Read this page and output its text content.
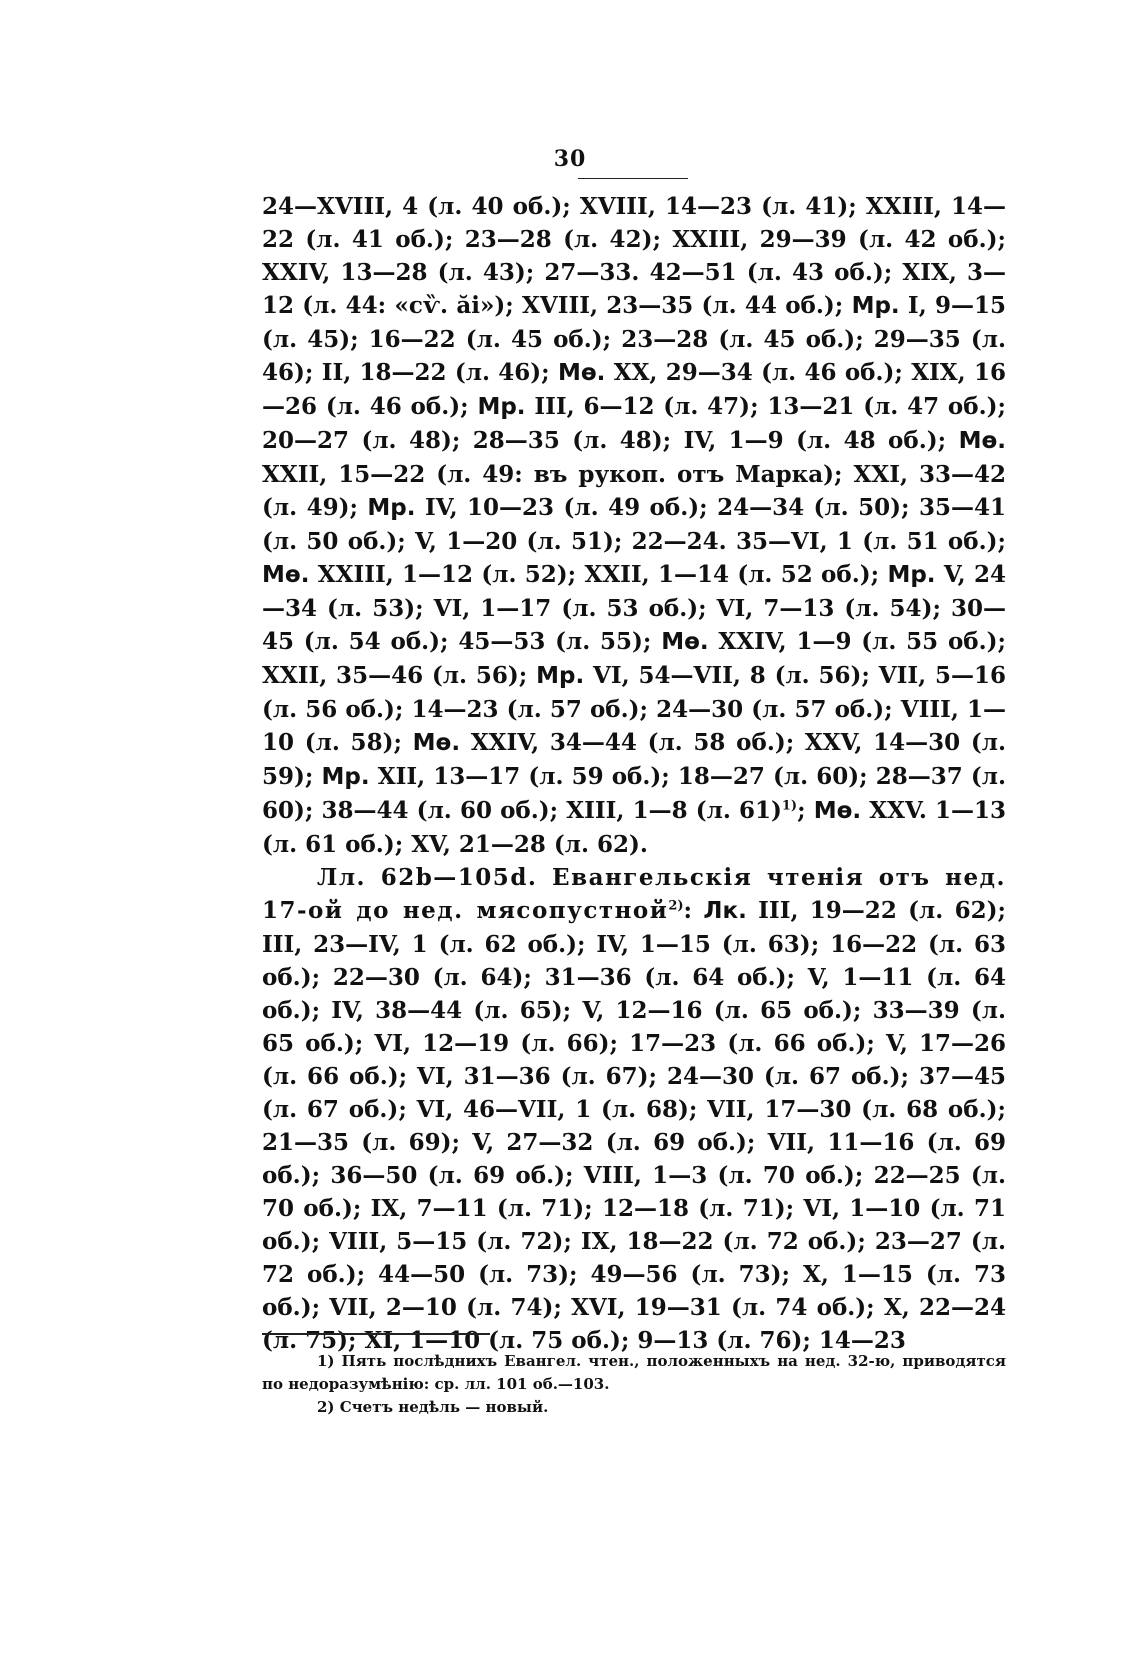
30

24—XVIII, 4 (л. 40 об.); XVIII, 14—23 (л. 41); XXIII, 14—22 (л. 41 об.); 23—28 (л. 42); XXIII, 29—39 (л. 42 об.); XXIV, 13—28 (л. 43); 27—33. 42—51 (л. 43 об.); XIX, 3—12 (л. 44: «сѷ. ӑі»); XVIII, 23—35 (л. 44 об.); Мр. I, 9—15 (л. 45); 16—22 (л. 45 об.); 23—28 (л. 45 об.); 29—35 (л. 46); II, 18—22 (л. 46); Мѳ. XX, 29—34 (л. 46 об.); XIX, 16—26 (л. 46 об.); Мр. III, 6—12 (л. 47); 13—21 (л. 47 об.); 20—27 (л. 48); 28—35 (л. 48); IV, 1—9 (л. 48 об.); Мѳ. XXII, 15—22 (л. 49: въ рукоп. отъ Марка); XXI, 33—42 (л. 49); Мр. IV, 10—23 (л. 49 об.); 24—34 (л. 50); 35—41 (л. 50 об.); V, 1—20 (л. 51); 22—24. 35—VI, 1 (л. 51 об.); Мѳ. XXIII, 1—12 (л. 52); XXII, 1—14 (л. 52 об.); Мр. V, 24—34 (л. 53); VI, 1—17 (л. 53 об.); VI, 7—13 (л. 54); 30—45 (л. 54 об.); 45—53 (л. 55); Мѳ. XXIV, 1—9 (л. 55 об.); XXII, 35—46 (л. 56); Мр. VI, 54—VII, 8 (л. 56); VII, 5—16 (л. 56 об.); 14—23 (л. 57 об.); 24—30 (л. 57 об.); VIII, 1—10 (л. 58); Мѳ. XXIV, 34—44 (л. 58 об.); XXV, 14—30 (л. 59); Мр. XII, 13—17 (л. 59 об.); 18—27 (л. 60); 28—37 (л. 60); 38—44 (л. 60 об.); XIII, 1—8 (л. 61)$^{1)}$; Мѳ. XXV. 1—13 (л. 61 об.); XV, 21—28 (л. 62).

Лл. 62b—105d. Евангельскія чтенія отъ нед. 17-ой до нед. мясопустной$^{2)}$: Лк. III, 19—22 (л. 62); III, 23—IV, 1 (л. 62 об.); IV, 1—15 (л. 63); 16—22 (л. 63 об.); 22—30 (л. 64); 31—36 (л. 64 об.); V, 1—11 (л. 64 об.); IV, 38—44 (л. 65); V, 12—16 (л. 65 об.); 33—39 (л. 65 об.); VI, 12—19 (л. 66); 17—23 (л. 66 об.); V, 17—26 (л. 66 об.); VI, 31—36 (л. 67); 24—30 (л. 67 об.); 37—45 (л. 67 об.); VI, 46—VII, 1 (л. 68); VII, 17—30 (л. 68 об.); 21—35 (л. 69); V, 27—32 (л. 69 об.); VII, 11—16 (л. 69 об.); 36—50 (л. 69 об.); VIII, 1—3 (л. 70 об.); 22—25 (л. 70 об.); IX, 7—11 (л. 71); 12—18 (л. 71); VI, 1—10 (л. 71 об.); VIII, 5—15 (л. 72); IX, 18—22 (л. 72 об.); 23—27 (л. 72 об.); 44—50 (л. 73); 49—56 (л. 73); X, 1—15 (л. 73 об.); VII, 2—10 (л. 74); XVI, 19—31 (л. 74 об.); X, 22—24 (л. 75); XI, 1—10 (л. 75 об.); 9—13 (л. 76); 14—23

1) Пять послѣднихъ Евангел. чтен., положенныхъ на нед. 32-ю, приводятся по недоразумѣнію: ср. лл. 101 об.—103.

2) Счетъ недѣль — новый.
